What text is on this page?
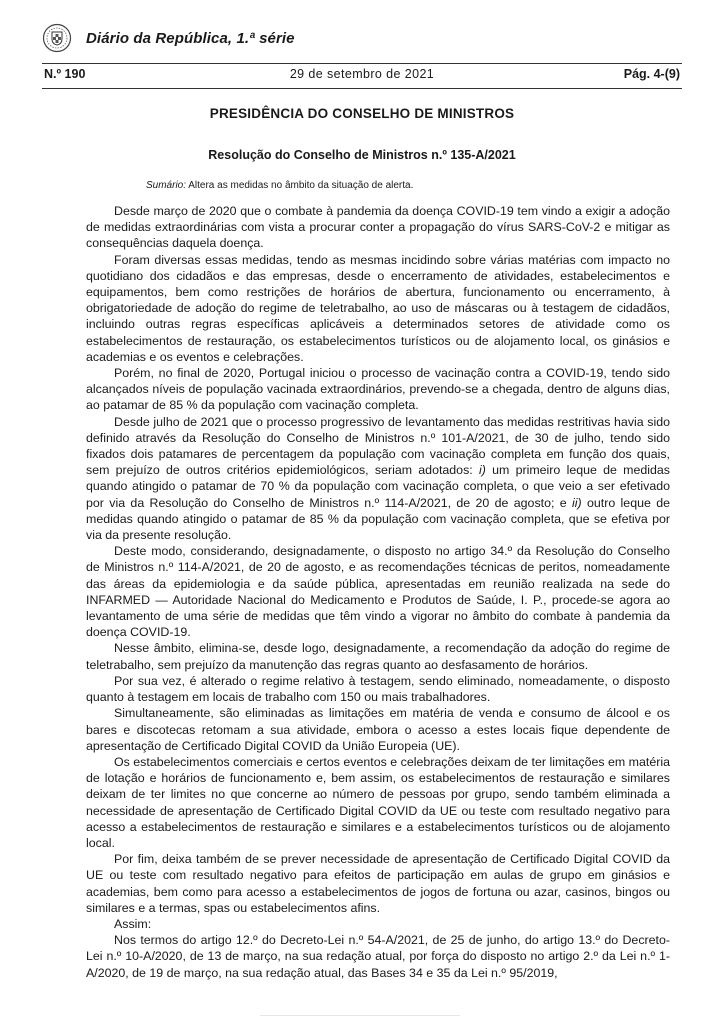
Diário da República, 1.ª série
N.º 190	29 de setembro de 2021	Pág. 4-(9)
PRESIDÊNCIA DO CONSELHO DE MINISTROS
Resolução do Conselho de Ministros n.º 135-A/2021
Sumário: Altera as medidas no âmbito da situação de alerta.

Desde março de 2020 que o combate à pandemia da doença COVID-19 tem vindo a exigir a adoção de medidas extraordinárias com vista a procurar conter a propagação do vírus SARS-CoV-2 e mitigar as consequências daquela doença.

Foram diversas essas medidas, tendo as mesmas incidindo sobre várias matérias com impacto no quotidiano dos cidadãos e das empresas, desde o encerramento de atividades, estabelecimentos e equipamentos, bem como restrições de horários de abertura, funcionamento ou encerramento, à obrigatoriedade de adoção do regime de teletrabalho, ao uso de máscaras ou à testagem de cidadãos, incluindo outras regras específicas aplicáveis a determinados setores de atividade como os estabelecimentos de restauração, os estabelecimentos turísticos ou de alojamento local, os ginásios e academias e os eventos e celebrações.

Porém, no final de 2020, Portugal iniciou o processo de vacinação contra a COVID-19, tendo sido alcançados níveis de população vacinada extraordinários, prevendo-se a chegada, dentro de alguns dias, ao patamar de 85 % da população com vacinação completa.

Desde julho de 2021 que o processo progressivo de levantamento das medidas restritivas havia sido definido através da Resolução do Conselho de Ministros n.º 101-A/2021, de 30 de julho, tendo sido fixados dois patamares de percentagem da população com vacinação completa em função dos quais, sem prejuízo de outros critérios epidemiológicos, seriam adotados: i) um primeiro leque de medidas quando atingido o patamar de 70 % da população com vacinação completa, o que veio a ser efetivado por via da Resolução do Conselho de Ministros n.º 114-A/2021, de 20 de agosto; e ii) outro leque de medidas quando atingido o patamar de 85 % da população com vacinação completa, que se efetiva por via da presente resolução.

Deste modo, considerando, designadamente, o disposto no artigo 34.º da Resolução do Conselho de Ministros n.º 114-A/2021, de 20 de agosto, e as recomendações técnicas de peritos, nomeadamente das áreas da epidemiologia e da saúde pública, apresentadas em reunião realizada na sede do INFARMED — Autoridade Nacional do Medicamento e Produtos de Saúde, I. P., procede-se agora ao levantamento de uma série de medidas que têm vindo a vigorar no âmbito do combate à pandemia da doença COVID-19.

Nesse âmbito, elimina-se, desde logo, designadamente, a recomendação da adoção do regime de teletrabalho, sem prejuízo da manutenção das regras quanto ao desfasamento de horários.

Por sua vez, é alterado o regime relativo à testagem, sendo eliminado, nomeadamente, o disposto quanto à testagem em locais de trabalho com 150 ou mais trabalhadores.

Simultaneamente, são eliminadas as limitações em matéria de venda e consumo de álcool e os bares e discotecas retomam a sua atividade, embora o acesso a estes locais fique dependente de apresentação de Certificado Digital COVID da União Europeia (UE).

Os estabelecimentos comerciais e certos eventos e celebrações deixam de ter limitações em matéria de lotação e horários de funcionamento e, bem assim, os estabelecimentos de restauração e similares deixam de ter limites no que concerne ao número de pessoas por grupo, sendo também eliminada a necessidade de apresentação de Certificado Digital COVID da UE ou teste com resultado negativo para acesso a estabelecimentos de restauração e similares e a estabelecimentos turísticos ou de alojamento local.

Por fim, deixa também de se prever necessidade de apresentação de Certificado Digital COVID da UE ou teste com resultado negativo para efeitos de participação em aulas de grupo em ginásios e academias, bem como para acesso a estabelecimentos de jogos de fortuna ou azar, casinos, bingos ou similares e a termas, spas ou estabelecimentos afins.

Assim:

Nos termos do artigo 12.º do Decreto-Lei n.º 54-A/2021, de 25 de junho, do artigo 13.º do Decreto-Lei n.º 10-A/2020, de 13 de março, na sua redação atual, por força do disposto no artigo 2.º da Lei n.º 1-A/2020, de 19 de março, na sua redação atual, das Bases 34 e 35 da Lei n.º 95/2019,
